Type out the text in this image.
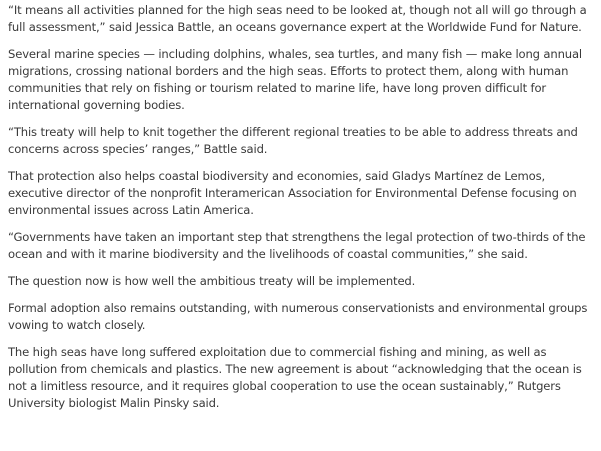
“It means all activities planned for the high seas need to be looked at, though not all will go through a full assessment,” said Jessica Battle, an oceans governance expert at the Worldwide Fund for Nature.

Several marine species — including dolphins, whales, sea turtles, and many fish — make long annual migrations, crossing national borders and the high seas. Efforts to protect them, along with human communities that rely on fishing or tourism related to marine life, have long proven difficult for international governing bodies.

“This treaty will help to knit together the different regional treaties to be able to address threats and concerns across species’ ranges,” Battle said.

That protection also helps coastal biodiversity and economies, said Gladys Martínez de Lemos, executive director of the nonprofit Interamerican Association for Environmental Defense focusing on environmental issues across Latin America.

“Governments have taken an important step that strengthens the legal protection of two-thirds of the ocean and with it marine biodiversity and the livelihoods of coastal communities,” she said.

The question now is how well the ambitious treaty will be implemented.

Formal adoption also remains outstanding, with numerous conservationists and environmental groups vowing to watch closely.

The high seas have long suffered exploitation due to commercial fishing and mining, as well as pollution from chemicals and plastics. The new agreement is about “acknowledging that the ocean is not a limitless resource, and it requires global cooperation to use the ocean sustainably,” Rutgers University biologist Malin Pinsky said.
